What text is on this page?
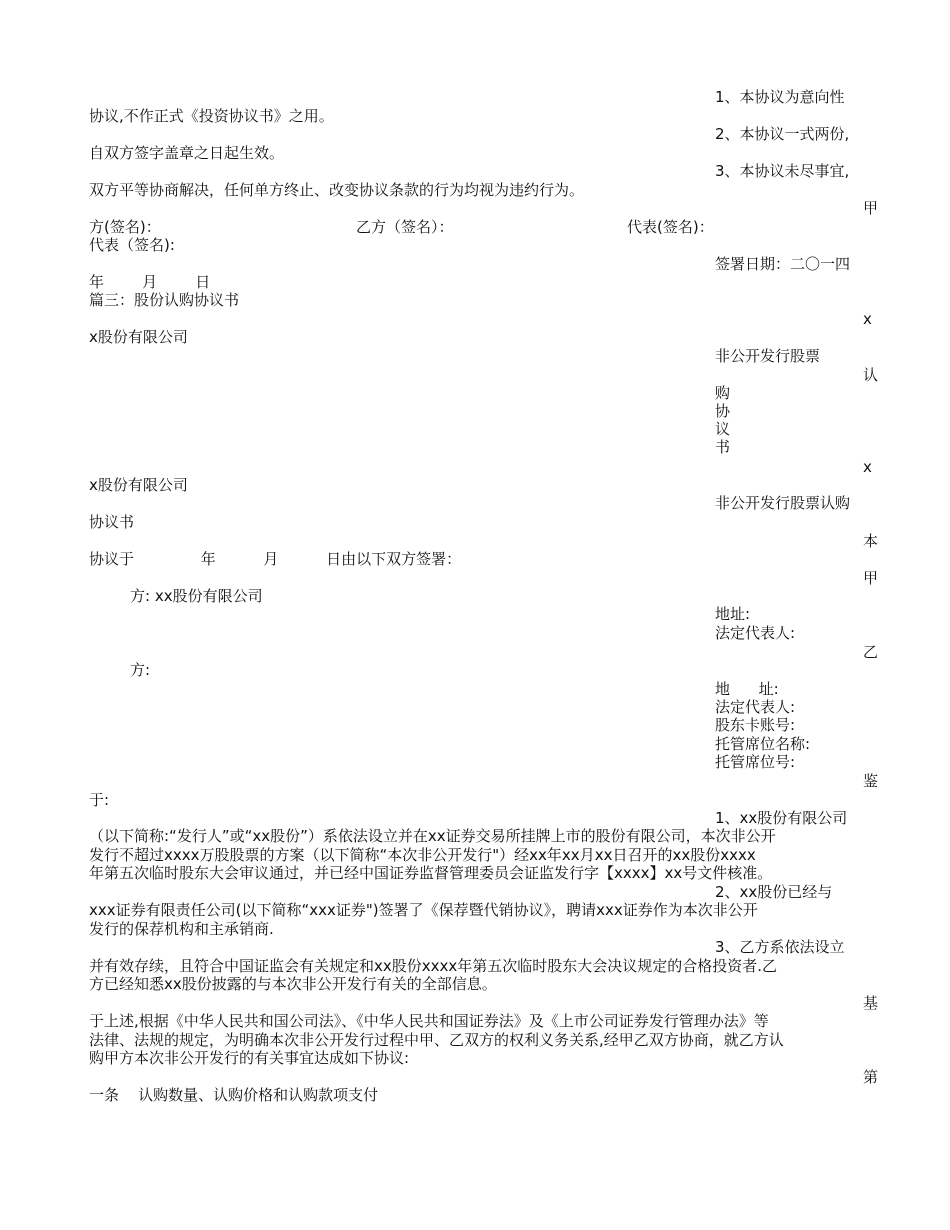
1、本协议为意向性

协议,不作正式《投资协议书》之用。

2、本协议一式两份,

自双方签字盖章之日起生效。

3、本协议未尽事宜,

双方平等协商解决，任何单方终止、改变协议条款的行为均视为违约行为。

甲

方(签名)：	乙方（签名）：	代表(签名)：

代表（签名):

签署日期：二〇一四

年        月        日

篇三：股份认购协议书

x

x股份有限公司

非公开发行股票

认

购
协
议
书

x

x股份有限公司

非公开发行股票认购

协议书

本

协议于              年          月          日由以下双方签署：

甲

方: xx股份有限公司

地址:

法定代表人:

乙

方:

地      址:

法定代表人:

股东卡账号:

托管席位名称:

托管席位号:

鉴

于:

1、xx股份有限公司

（以下简称:“发行人”或“xx股份”）系依法设立并在xx证券交易所挂牌上市的股份有限公司，本次非公开

发行不超过xxxx万股股票的方案（以下简称“本次非公开发行"）经xx年xx月xx日召开的xx股份xxxx

年第五次临时股东大会审议通过，并已经中国证券监督管理委员会证监发行字【xxxx】xx号文件核准。

2、xx股份已经与

xxx证券有限责任公司(以下简称“xxx证券")签署了《保荐暨代销协议》，聘请xxx证券作为本次非公开

发行的保荐机构和主承销商.

3、乙方系依法设立

并有效存续，且符合中国证监会有关规定和xx股份xxxx年第五次临时股东大会决议规定的合格投资者.乙

方已经知悉xx股份披露的与本次非公开发行有关的全部信息。

基

于上述,根据《中华人民共和国公司法》、《中华人民共和国证券法》及《上市公司证券发行管理办法》等

法律、法规的规定，为明确本次非公开发行过程中甲、乙双方的权利义务关系,经甲乙双方协商，就乙方认

购甲方本次非公开发行的有关事宜达成如下协议:

第

一条    认购数量、认购价格和认购款项支付
